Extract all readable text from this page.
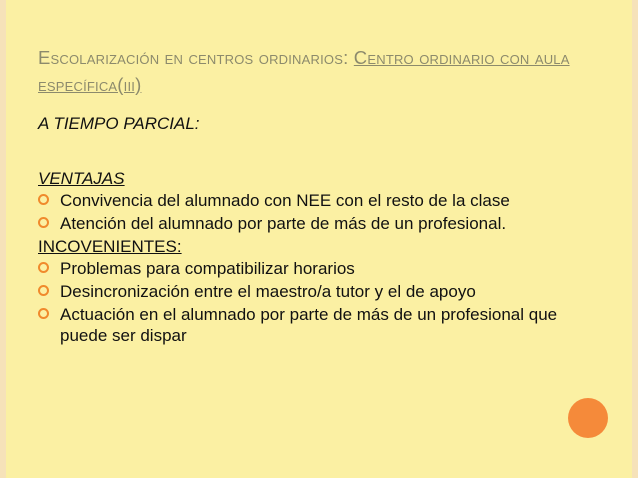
Escolarización en centros ordinarios: Centro ordinario con aula específica(iii)
A TIEMPO PARCIAL:
VENTAJAS
Convivencia del alumnado con NEE con el resto de la clase
Atención del alumnado por parte de más de un profesional.
INCOVENIENTES:
Problemas para compatibilizar horarios
Desincronización entre el maestro/a tutor y el de apoyo
Actuación en el alumnado por parte de más de un profesional que puede ser dispar
